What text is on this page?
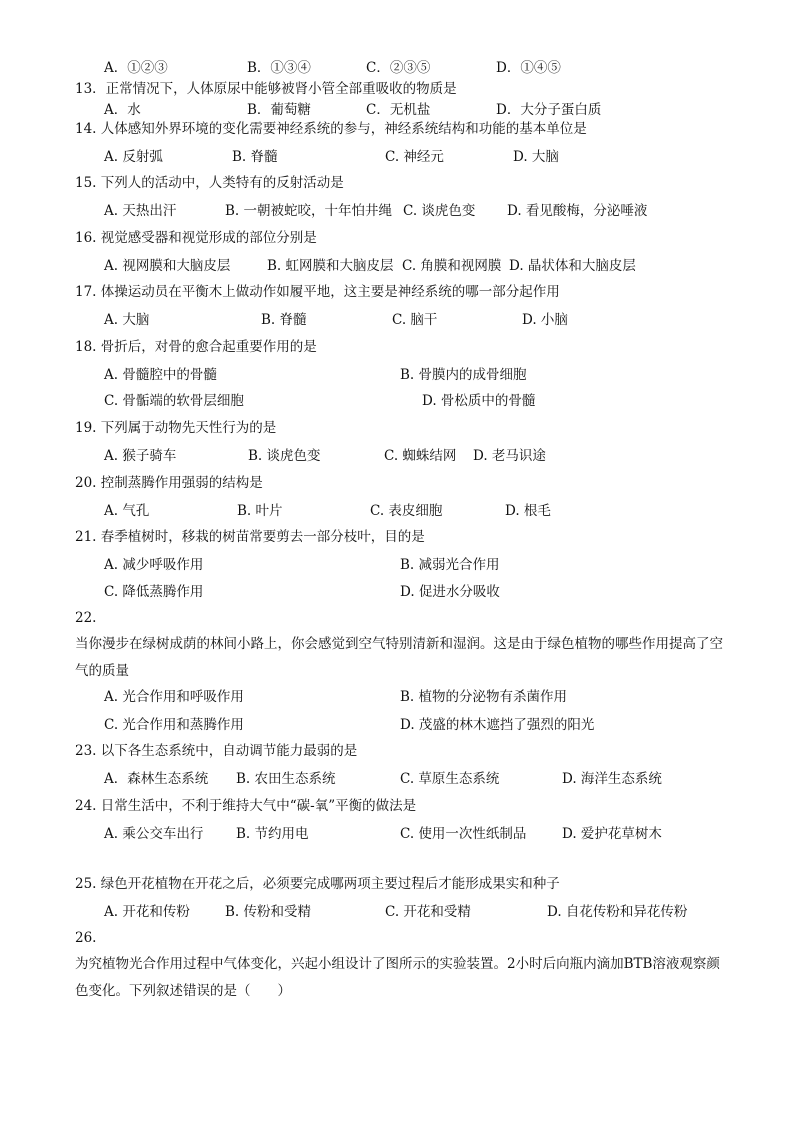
A．①②③	B．①③④	C．②③⑤	D．①④⑤
13．正常情况下，人体原尿中能够被肾小管全部重吸收的物质是
A．水	B．葡萄糖	C．无机盐	D．大分子蛋白质
14. 人体感知外界环境的变化需要神经系统的参与，神经系统结构和功能的基本单位是
A. 反射弧	B. 脊髓	C. 神经元	D. 大脑
15. 下列人的活动中，人类特有的反射活动是
A. 天热出汗	B. 一朝被蛇咬，十年怕井绳 C. 谈虎色变 D. 看见酸梅，分泌唾液
16. 视觉感受器和视觉形成的部位分别是
A. 视网膜和大脑皮层	B. 虹网膜和大脑皮层 C. 角膜和视网膜 D. 晶状体和大脑皮层
17. 体操运动员在平衡木上做动作如履平地，这主要是神经系统的哪一部分起作用
A. 大脑	B. 脊髓	C. 脑干	D. 小脑
18. 骨折后，对骨的愈合起重要作用的是
A. 骨髓腔中的骨髓	B. 骨膜内的成骨细胞
C. 骨骺端的软骨层细胞	D. 骨松质中的骨髓
19. 下列属于动物先天性行为的是
A. 猴子骑车	B. 谈虎色变	C. 蜘蛛结网 D. 老马识途
20. 控制蒸腾作用强弱的结构是
A. 气孔	B. 叶片	C. 表皮细胞	D. 根毛
21. 春季植树时，移栽的树苗常要剪去一部分枝叶，目的是
A. 减少呼吸作用	B. 减弱光合作用
C. 降低蒸腾作用	D. 促进水分吸收
22.
当你漫步在绿树成荫的林间小路上，你会感觉到空气特别清新和湿润。这是由于绿色植物的哪些作用提高了空气的质量
A. 光合作用和呼吸作用	B. 植物的分泌物有杀菌作用
C. 光合作用和蒸腾作用	D. 茂盛的林木遮挡了强烈的阳光
23. 以下各生态系统中，自动调节能力最弱的是
A．森林生态系统 B. 农田生态系统	C. 草原生态系统	D. 海洋生态系统
24. 日常生活中，不利于维持大气中“碳-氧”平衡的做法是
A. 乘公交车出行 B. 节约用电	C. 使用一次性纸制品	D. 爱护花草树木
25. 绿色开花植物在开花之后，必须要完成哪两项主要过程后才能形成果实和种子
A. 开花和传粉	B. 传粉和受精	C. 开花和受精	D. 自花传粉和异花传粉
26.
为究植物光合作用过程中气体变化，兴起小组设计了图所示的实验装置。2小时后向瓶内滴加BTB溶液观察颜色变化。下列叙述错误的是（　　）
